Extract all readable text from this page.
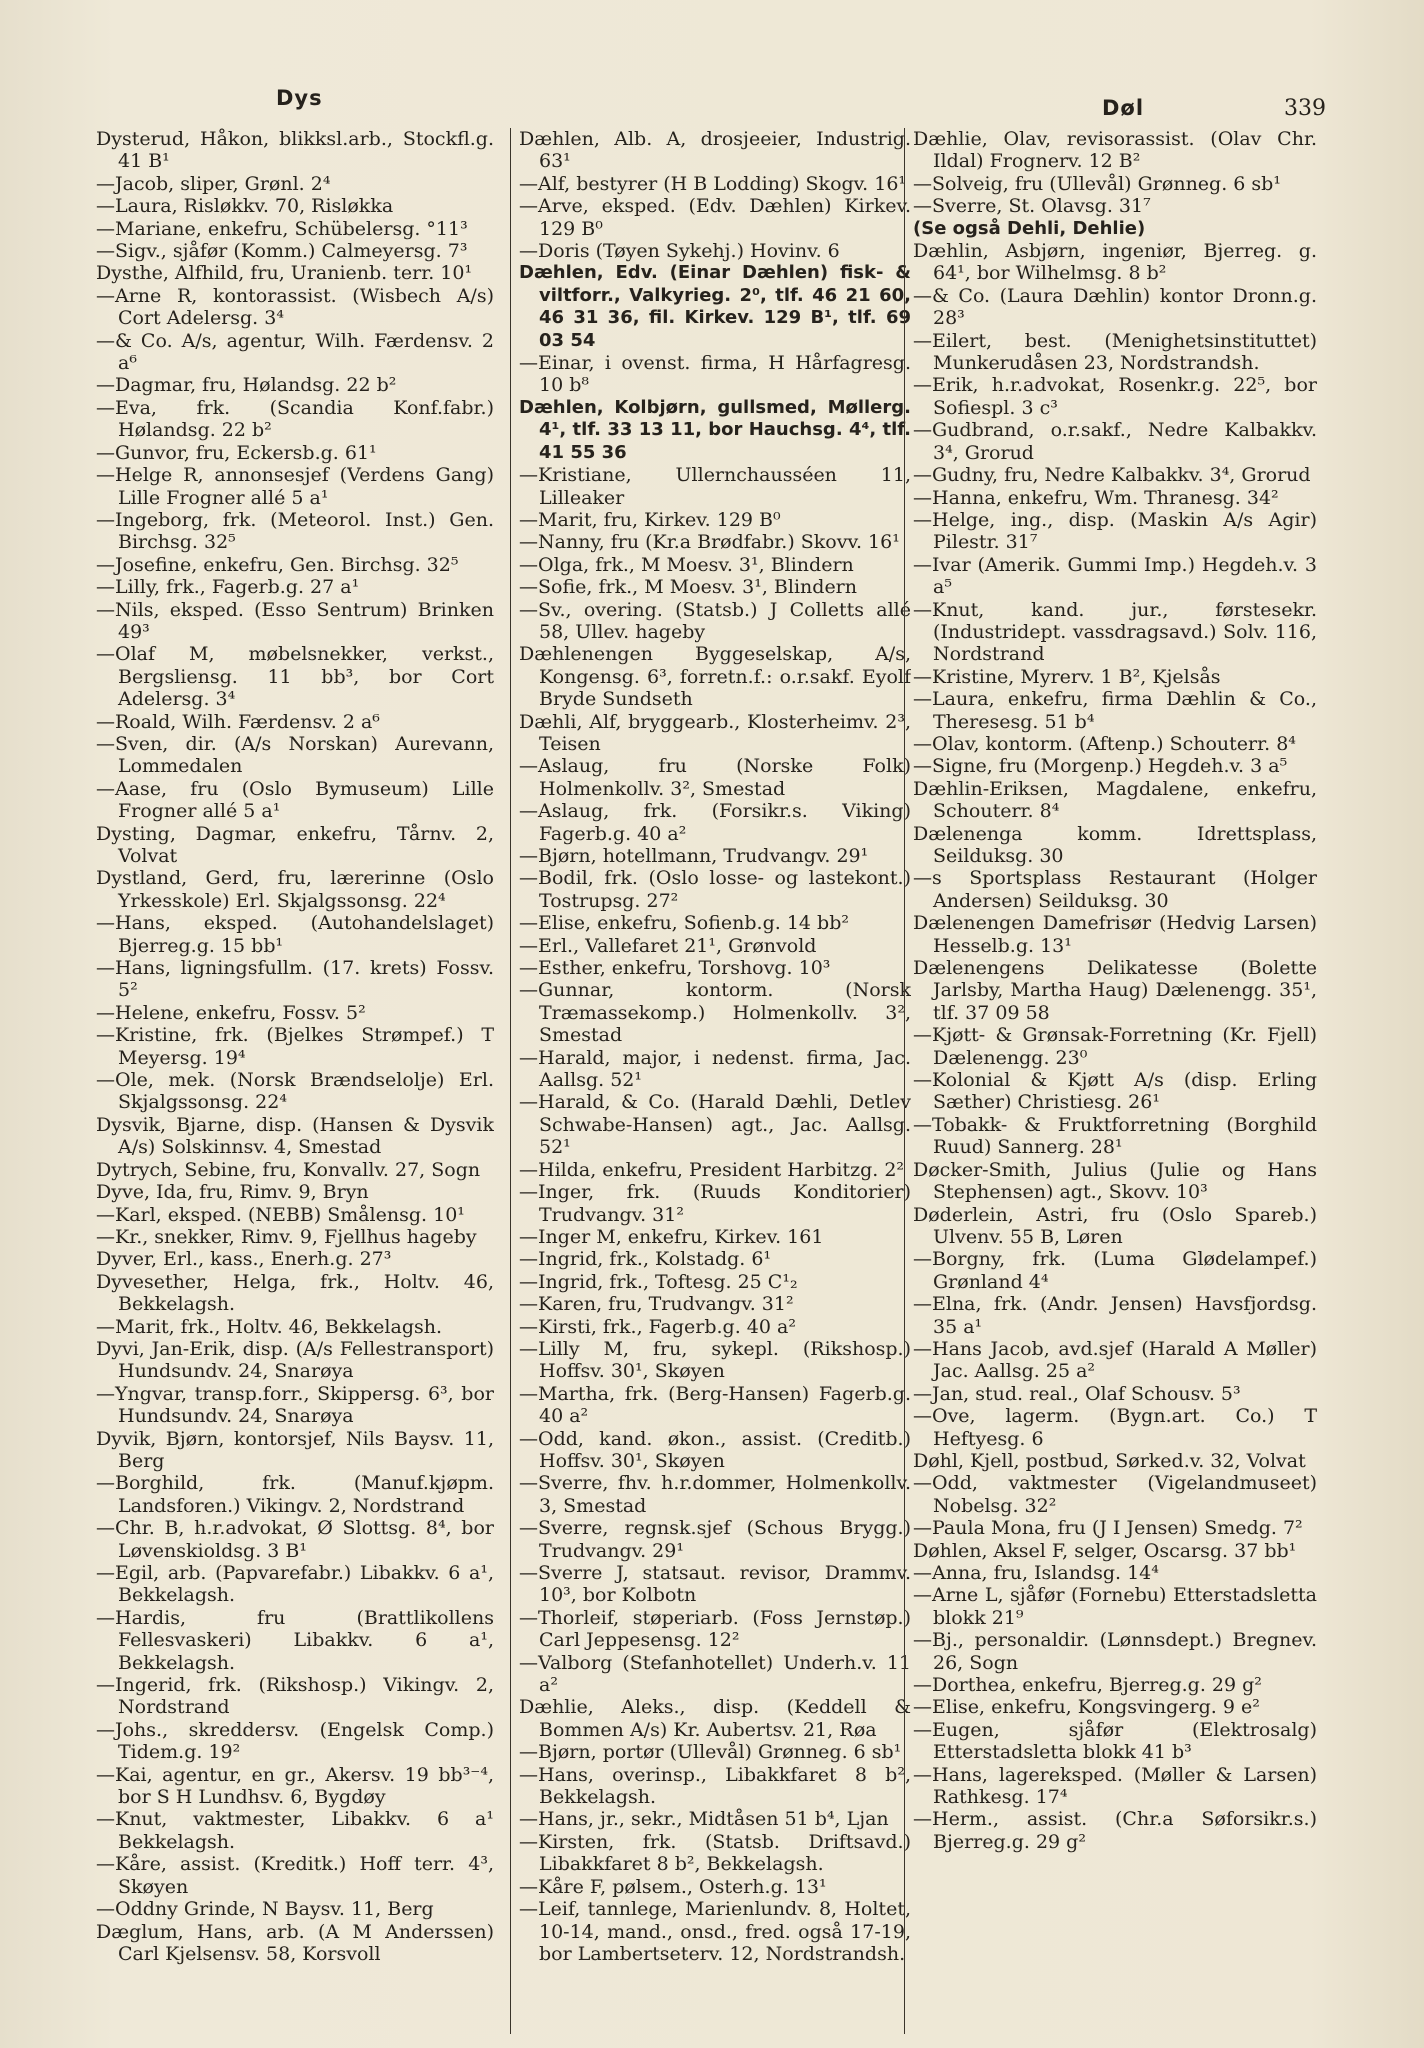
Dys	Døl	339
Dysterud, Håkon, blikksl.arb., Stockfl.g. 41 B¹
—Jacob, sliper, Grønl. 2⁴
—Laura, Risløkkv. 70, Risløkka
—Mariane, enkefru, Schübelersg. °11³
—Sigv., sjåfør (Komm.) Calmeyersg. 7³
Dysthe, Alfhild, fru, Uranienb. terr. 10¹
—Arne R, kontorassist. (Wisbech A/s) Cort Adelersg. 3⁴
—& Co. A/s, agentur, Wilh. Færdensv. 2 a⁶
—Dagmar, fru, Hølandsg. 22 b²
—Eva, frk. (Scandia Konf.fabr.) Hølandsg. 22 b²
—Gunvor, fru, Eckersb.g. 61¹
—Helge R, annonsesjef (Verdens Gang) Lille Frogner allé 5 a¹
—Ingeborg, frk. (Meteorol. Inst.) Gen. Birchsg. 32⁵
—Josefine, enkefru, Gen. Birchsg. 32⁵
—Lilly, frk., Fagerb.g. 27 a¹
—Nils, eksped. (Esso Sentrum) Brinken 49³
—Olaf M, møbelsnekker, verkst., Bergsliensg. 11 bb³, bor Cort Adelersg. 3⁴
—Roald, Wilh. Færdensv. 2 a⁶
—Sven, dir. (A/s Norskan) Aurevann, Lommedalen
—Aase, fru (Oslo Bymuseum) Lille Frogner allé 5 a¹
Dysting, Dagmar, enkefru, Tårnv. 2, Volvat
Dystland, Gerd, fru, lærerinne (Oslo Yrkesskole) Erl. Skjalgssonsg. 22⁴
—Hans, eksped. (Autohandelslaget) Bjerreg.g. 15 bb¹
—Hans, ligningsfullm. (17. krets) Fossv. 5²
—Helene, enkefru, Fossv. 5²
—Kristine, frk. (Bjelkes Strømpef.) T Meyersg. 19⁴
—Ole, mek. (Norsk Brændselolje) Erl. Skjalgssonsg. 22⁴
Dysvik, Bjarne, disp. (Hansen & Dysvik A/s) Solskinnsv. 4, Smestad
Dytrych, Sebine, fru, Konvallv. 27, Sogn
Dyve, Ida, fru, Rimv. 9, Bryn
—Karl, eksped. (NEBB) Smålensg. 10¹
—Kr., snekker, Rimv. 9, Fjellhus hageby
Dyver, Erl., kass., Enerh.g. 27³
Dyvesether, Helga, frk., Holtv. 46, Bekkelagsh.
—Marit, frk., Holtv. 46, Bekkelagsh.
Dyvi, Jan-Erik, disp. (A/s Fellestransport) Hundsundv. 24, Snarøya
—Yngvar, transp.forr., Skippersg. 6³, bor Hundsundv. 24, Snarøya
Dyvik, Bjørn, kontorsjef, Nils Baysv. 11, Berg
—Borghild, frk. (Manuf.kjøpm. Landsforen.) Vikingv. 2, Nordstrand
—Chr. B, h.r.advokat, Ø Slottsg. 8⁴, bor Løvenskioldsg. 3 B¹
—Egil, arb. (Papvarefabr.) Libakkv. 6 a¹, Bekkelagsh.
—Hardis, fru (Brattlikollens Fellesvaskeri) Libakkv. 6 a¹, Bekkelagsh.
—Ingerid, frk. (Rikshosp.) Vikingv. 2, Nordstrand
—Johs., skreddersv. (Engelsk Comp.) Tidem.g. 19²
—Kai, agentur, en gr., Akersv. 19 bb³⁻⁴, bor S H Lundhsv. 6, Bygdøy
—Knut, vaktmester, Libakkv. 6 a¹ Bekkelagsh.
—Kåre, assist. (Kreditk.) Hoff terr. 4³, Skøyen
—Oddny Grinde, N Baysv. 11, Berg
Dæglum, Hans, arb. (A M Anderssen) Carl Kjelsensv. 58, Korsvoll
Dæhlen, Alb. A, drosjeeier, Industrig. 63¹
—Alf, bestyrer (H B Lodding) Skogv. 16¹
—Arve, eksped. (Edv. Dæhlen) Kirkev. 129 B⁰
—Doris (Tøyen Sykehj.) Hovinv. 6
Dæhlen, Edv. (Einar Dæhlen) fisk- & viltforr., Valkyrieg. 2⁰, tlf. 46 21 60, 46 31 36, fil. Kirkev. 129 B¹, tlf. 69 03 54
—Einar, i ovenst. firma, H Hårfagresg. 10 b⁸
Dæhlen, Kolbjørn, gullsmed, Møllerg. 4¹, tlf. 33 13 11, bor Hauchsg. 4⁴, tlf. 41 55 36
—Kristiane, Ullernchausséen 11, Lilleaker
—Marit, fru, Kirkev. 129 B⁰
—Nanny, fru (Kr.a Brødfabr.) Skovv. 16¹
—Olga, frk., M Moesv. 3¹, Blindern
—Sofie, frk., M Moesv. 3¹, Blindern
—Sv., overing. (Statsb.) J Colletts allé 58, Ullev. hageby
Dæhlenengen Byggeselskap, A/s, Kongensg. 6³, forretn.f.: o.r.sakf. Eyolf Bryde Sundseth
Dæhli, Alf, bryggearb., Klosterheimv. 2³, Teisen
—Aslaug, fru (Norske Folk) Holmenkollv. 3², Smestad
—Aslaug, frk. (Forsikr.s. Viking) Fagerb.g. 40 a²
—Bjørn, hotellmann, Trudvangv. 29¹
—Bodil, frk. (Oslo losse- og lastekont.) Tostrupsg. 27²
—Elise, enkefru, Sofienb.g. 14 bb²
—Erl., Vallefaret 21¹, Grønvold
—Esther, enkefru, Torshovg. 10³
—Gunnar, kontorm. (Norsk Træmassekomp.) Holmenkollv. 3², Smestad
—Harald, major, i nedenst. firma, Jac. Aallsg. 52¹
—Harald, & Co. (Harald Dæhli, Detlev Schwabe-Hansen) agt., Jac. Aallsg. 52¹
—Hilda, enkefru, President Harbitzg. 2²
—Inger, frk. (Ruuds Konditorier) Trudvangv. 31²
—Inger M, enkefru, Kirkev. 161
—Ingrid, frk., Kolstadg. 6¹
—Ingrid, frk., Toftesg. 25 C¹₂
—Karen, fru, Trudvangv. 31²
—Kirsti, frk., Fagerb.g. 40 a²
—Lilly M, fru, sykepl. (Rikshosp.) Hoffsv. 30¹, Skøyen
—Martha, frk. (Berg-Hansen) Fagerb.g. 40 a²
—Odd, kand. økon., assist. (Creditb.) Hoffsv. 30¹, Skøyen
—Sverre, fhv. h.r.dommer, Holmenkollv. 3, Smestad
—Sverre, regnsk.sjef (Schous Brygg.) Trudvangv. 29¹
—Sverre J, statsaut. revisor, Drammv. 10³, bor Kolbotn
—Thorleif, støperiarb. (Foss Jernstøp.) Carl Jeppesensg. 12²
—Valborg (Stefanhotellet) Underh.v. 11 a²
Dæhlie, Aleks., disp. (Keddell & Bommen A/s) Kr. Aubertsv. 21, Røa
—Bjørn, portør (Ullevål) Grønneg. 6 sb¹
—Hans, overinsp., Libakkfaret 8 b², Bekkelagsh.
—Hans, jr., sekr., Midtåsen 51 b⁴, Ljan
—Kirsten, frk. (Statsb. Driftsavd.) Libakkfaret 8 b², Bekkelagsh.
—Kåre F, pølsem., Osterh.g. 13¹
—Leif, tannlege, Marienlundv. 8, Holtet, 10-14, mand., onsd., fred. også 17-19, bor Lambertseterv. 12, Nordstrandsh.
Dæhlie, Olav, revisorassist. (Olav Chr. Ildal) Frognerv. 12 B²
—Solveig, fru (Ullevål) Grønneg. 6 sb¹
—Sverre, St. Olavsg. 31⁷
(Se også Dehli, Dehlie)
Dæhlin, Asbjørn, ingeniør, Bjerreg. g. 64¹, bor Wilhelmsg. 8 b²
—& Co. (Laura Dæhlin) kontor Dronn.g. 28³
—Eilert, best. (Menighetsinstituttet) Munkerudåsen 23, Nordstrandsh.
—Erik, h.r.advokat, Rosenkr.g. 22⁵, bor Sofiespl. 3 c³
—Gudbrand, o.r.sakf., Nedre Kalbakkv. 3⁴, Grorud
—Gudny, fru, Nedre Kalbakkv. 3⁴, Grorud
—Hanna, enkefru, Wm. Thranesg. 34²
—Helge, ing., disp. (Maskin A/s Agir) Pilestr. 31⁷
—Ivar (Amerik. Gummi Imp.) Hegdeh.v. 3 a⁵
—Knut, kand. jur., førstesekr. (Industridept. vassdragsavd.) Solv. 116, Nordstrand
—Kristine, Myrerv. 1 B², Kjelsås
—Laura, enkefru, firma Dæhlin & Co., Theresesg. 51 b⁴
—Olav, kontorm. (Aftenp.) Schouterr. 8⁴
—Signe, fru (Morgenp.) Hegdeh.v. 3 a⁵
Dæhlin-Eriksen, Magdalene, enkefru, Schouterr. 8⁴
Dælenenga komm. Idrettsplass, Seilduksg. 30
—s Sportsplass Restaurant (Holger Andersen) Seilduksg. 30
Dælenengen Damefrisør (Hedvig Larsen) Hesselb.g. 13¹
Dælenengens Delikatesse (Bolette Jarlsby, Martha Haug) Dælenengg. 35¹, tlf. 37 09 58
—Kjøtt- & Grønsak-Forretning (Kr. Fjell) Dælenengg. 23⁰
—Kolonial & Kjøtt A/s (disp. Erling Sæther) Christiesg. 26¹
—Tobakk- & Fruktforretning (Borghild Ruud) Sannerg. 28¹
Døcker-Smith, Julius (Julie og Hans Stephensen) agt., Skovv. 10³
Døderlein, Astri, fru (Oslo Spareb.) Ulvenv. 55 B, Løren
—Borgny, frk. (Luma Glødelampef.) Grønland 4⁴
—Elna, frk. (Andr. Jensen) Havsfjordsg. 35 a¹
—Hans Jacob, avd.sjef (Harald A Møller) Jac. Aallsg. 25 a²
—Jan, stud. real., Olaf Schousv. 5³
—Ove, lagerm. (Bygn.art. Co.) T Heftyesg. 6
Døhl, Kjell, postbud, Sørked.v. 32, Volvat
—Odd, vaktmester (Vigelandmuseet) Nobelsg. 32²
—Paula Mona, fru (J I Jensen) Smedg. 7²
Døhlen, Aksel F, selger, Oscarsg. 37 bb¹
—Anna, fru, Islandsg. 14⁴
—Arne L, sjåfør (Fornebu) Etterstadsletta blokk 21⁹
—Bj., personaldir. (Lønnsdept.) Bregnev. 26, Sogn
—Dorthea, enkefru, Bjerreg.g. 29 g²
—Elise, enkefru, Kongsvingerg. 9 e²
—Eugen, sjåfør (Elektrosalg) Etterstadsletta blokk 41 b³
—Hans, lagereksped. (Møller & Larsen) Rathkesg. 17⁴
—Herm., assist. (Chr.a Søforsikr.s.) Bjerreg.g. 29 g²
